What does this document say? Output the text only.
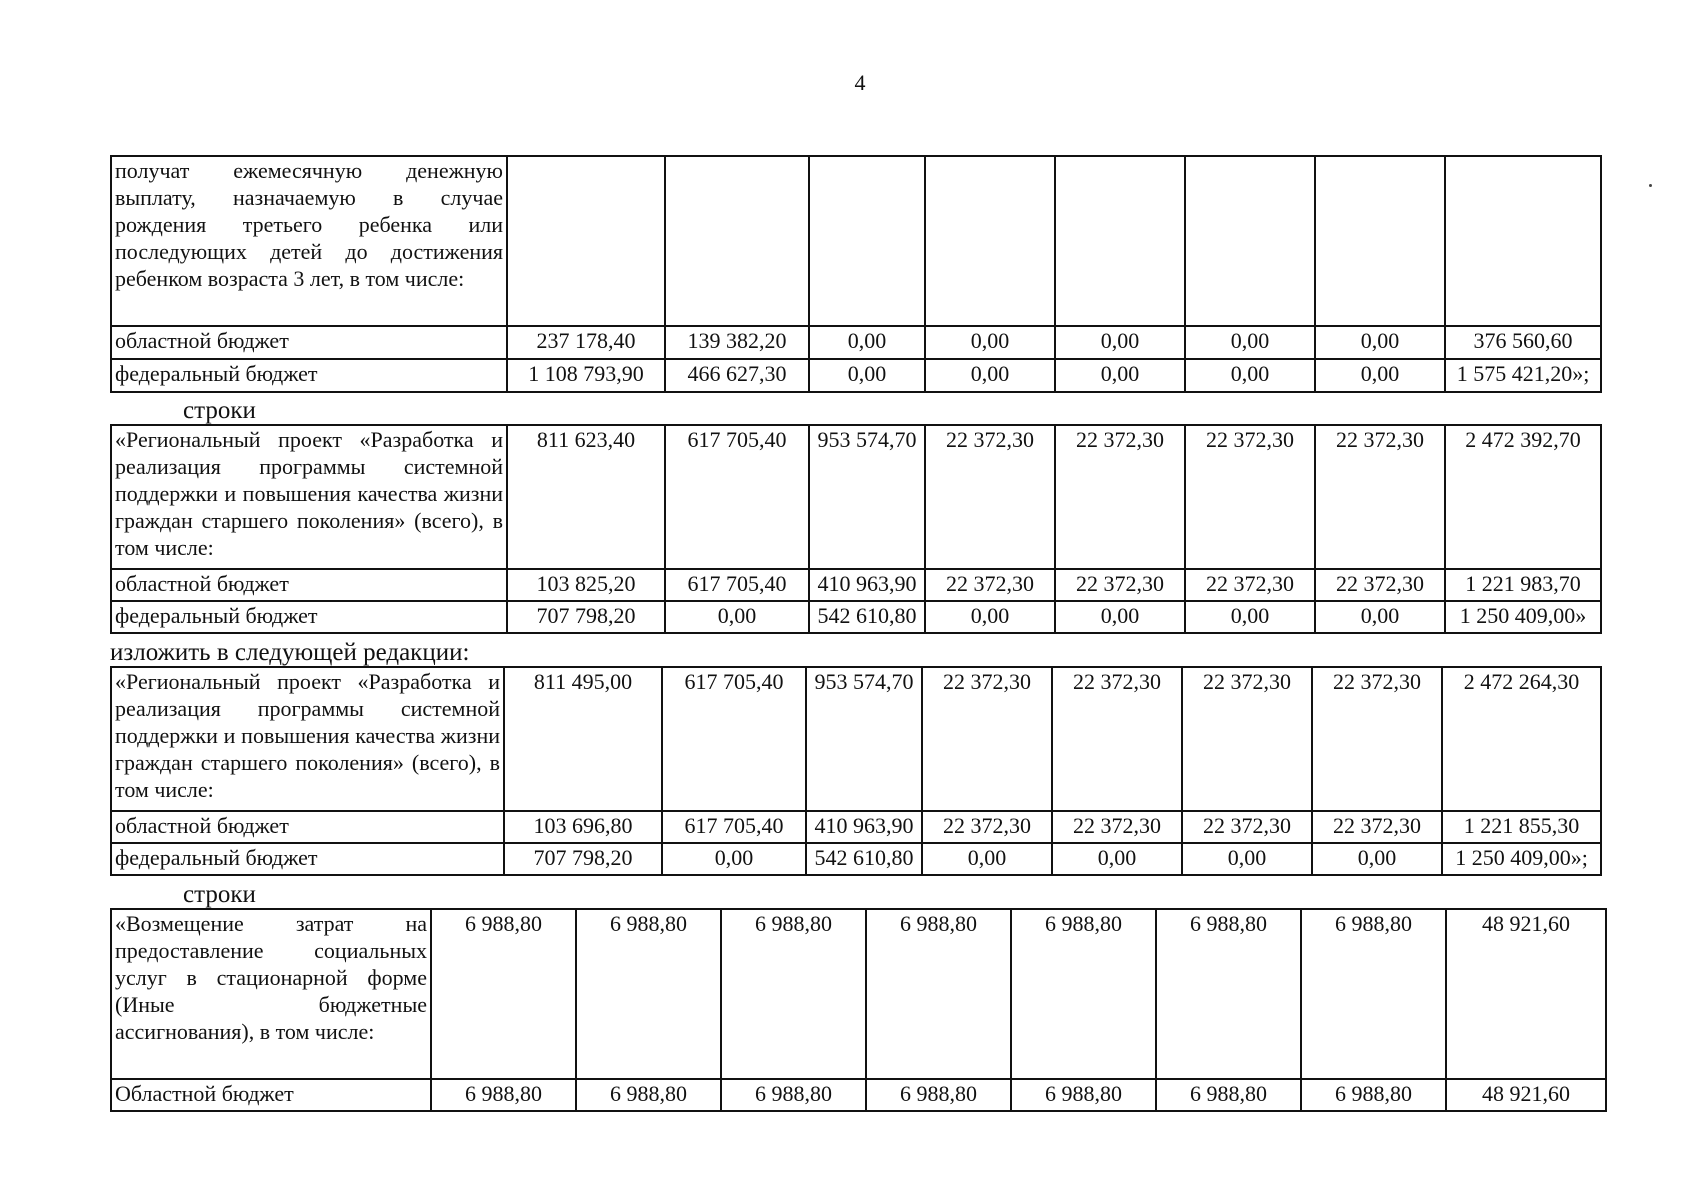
4
получат ежемесячную денежную выплату, назначаемую в случае рождения третьего ребенка или последующих детей до достижения ребенком возраста 3 лет, в том числе:								
областной бюджет	237 178,40	139 382,20	0,00	0,00	0,00	0,00	0,00	376 560,60
федеральный бюджет	1 108 793,90	466 627,30	0,00	0,00	0,00	0,00	0,00	1 575 421,20»;
строки
«Региональный проект «Разработка и реализация программы системной поддержки и повышения качества жизни граждан старшего поколения» (всего), в том числе:	811 623,40	617 705,40	953 574,70	22 372,30	22 372,30	22 372,30	22 372,30	2 472 392,70
областной бюджет	103 825,20	617 705,40	410 963,90	22 372,30	22 372,30	22 372,30	22 372,30	1 221 983,70
федеральный бюджет	707 798,20	0,00	542 610,80	0,00	0,00	0,00	0,00	1 250 409,00»
изложить в следующей редакции:
«Региональный проект «Разработка и реализация программы системной поддержки и повышения качества жизни граждан старшего поколения» (всего), в том числе:	811 495,00	617 705,40	953 574,70	22 372,30	22 372,30	22 372,30	22 372,30	2 472 264,30
областной бюджет	103 696,80	617 705,40	410 963,90	22 372,30	22 372,30	22 372,30	22 372,30	1 221 855,30
федеральный бюджет	707 798,20	0,00	542 610,80	0,00	0,00	0,00	0,00	1 250 409,00»;
строки
«Возмещение затрат на предоставление социальных услуг в стационарной форме (Иные бюджетные ассигнования), в том числе:	6 988,80	6 988,80	6 988,80	6 988,80	6 988,80	6 988,80	6 988,80	48 921,60
Областной бюджет	6 988,80	6 988,80	6 988,80	6 988,80	6 988,80	6 988,80	6 988,80	48 921,60
